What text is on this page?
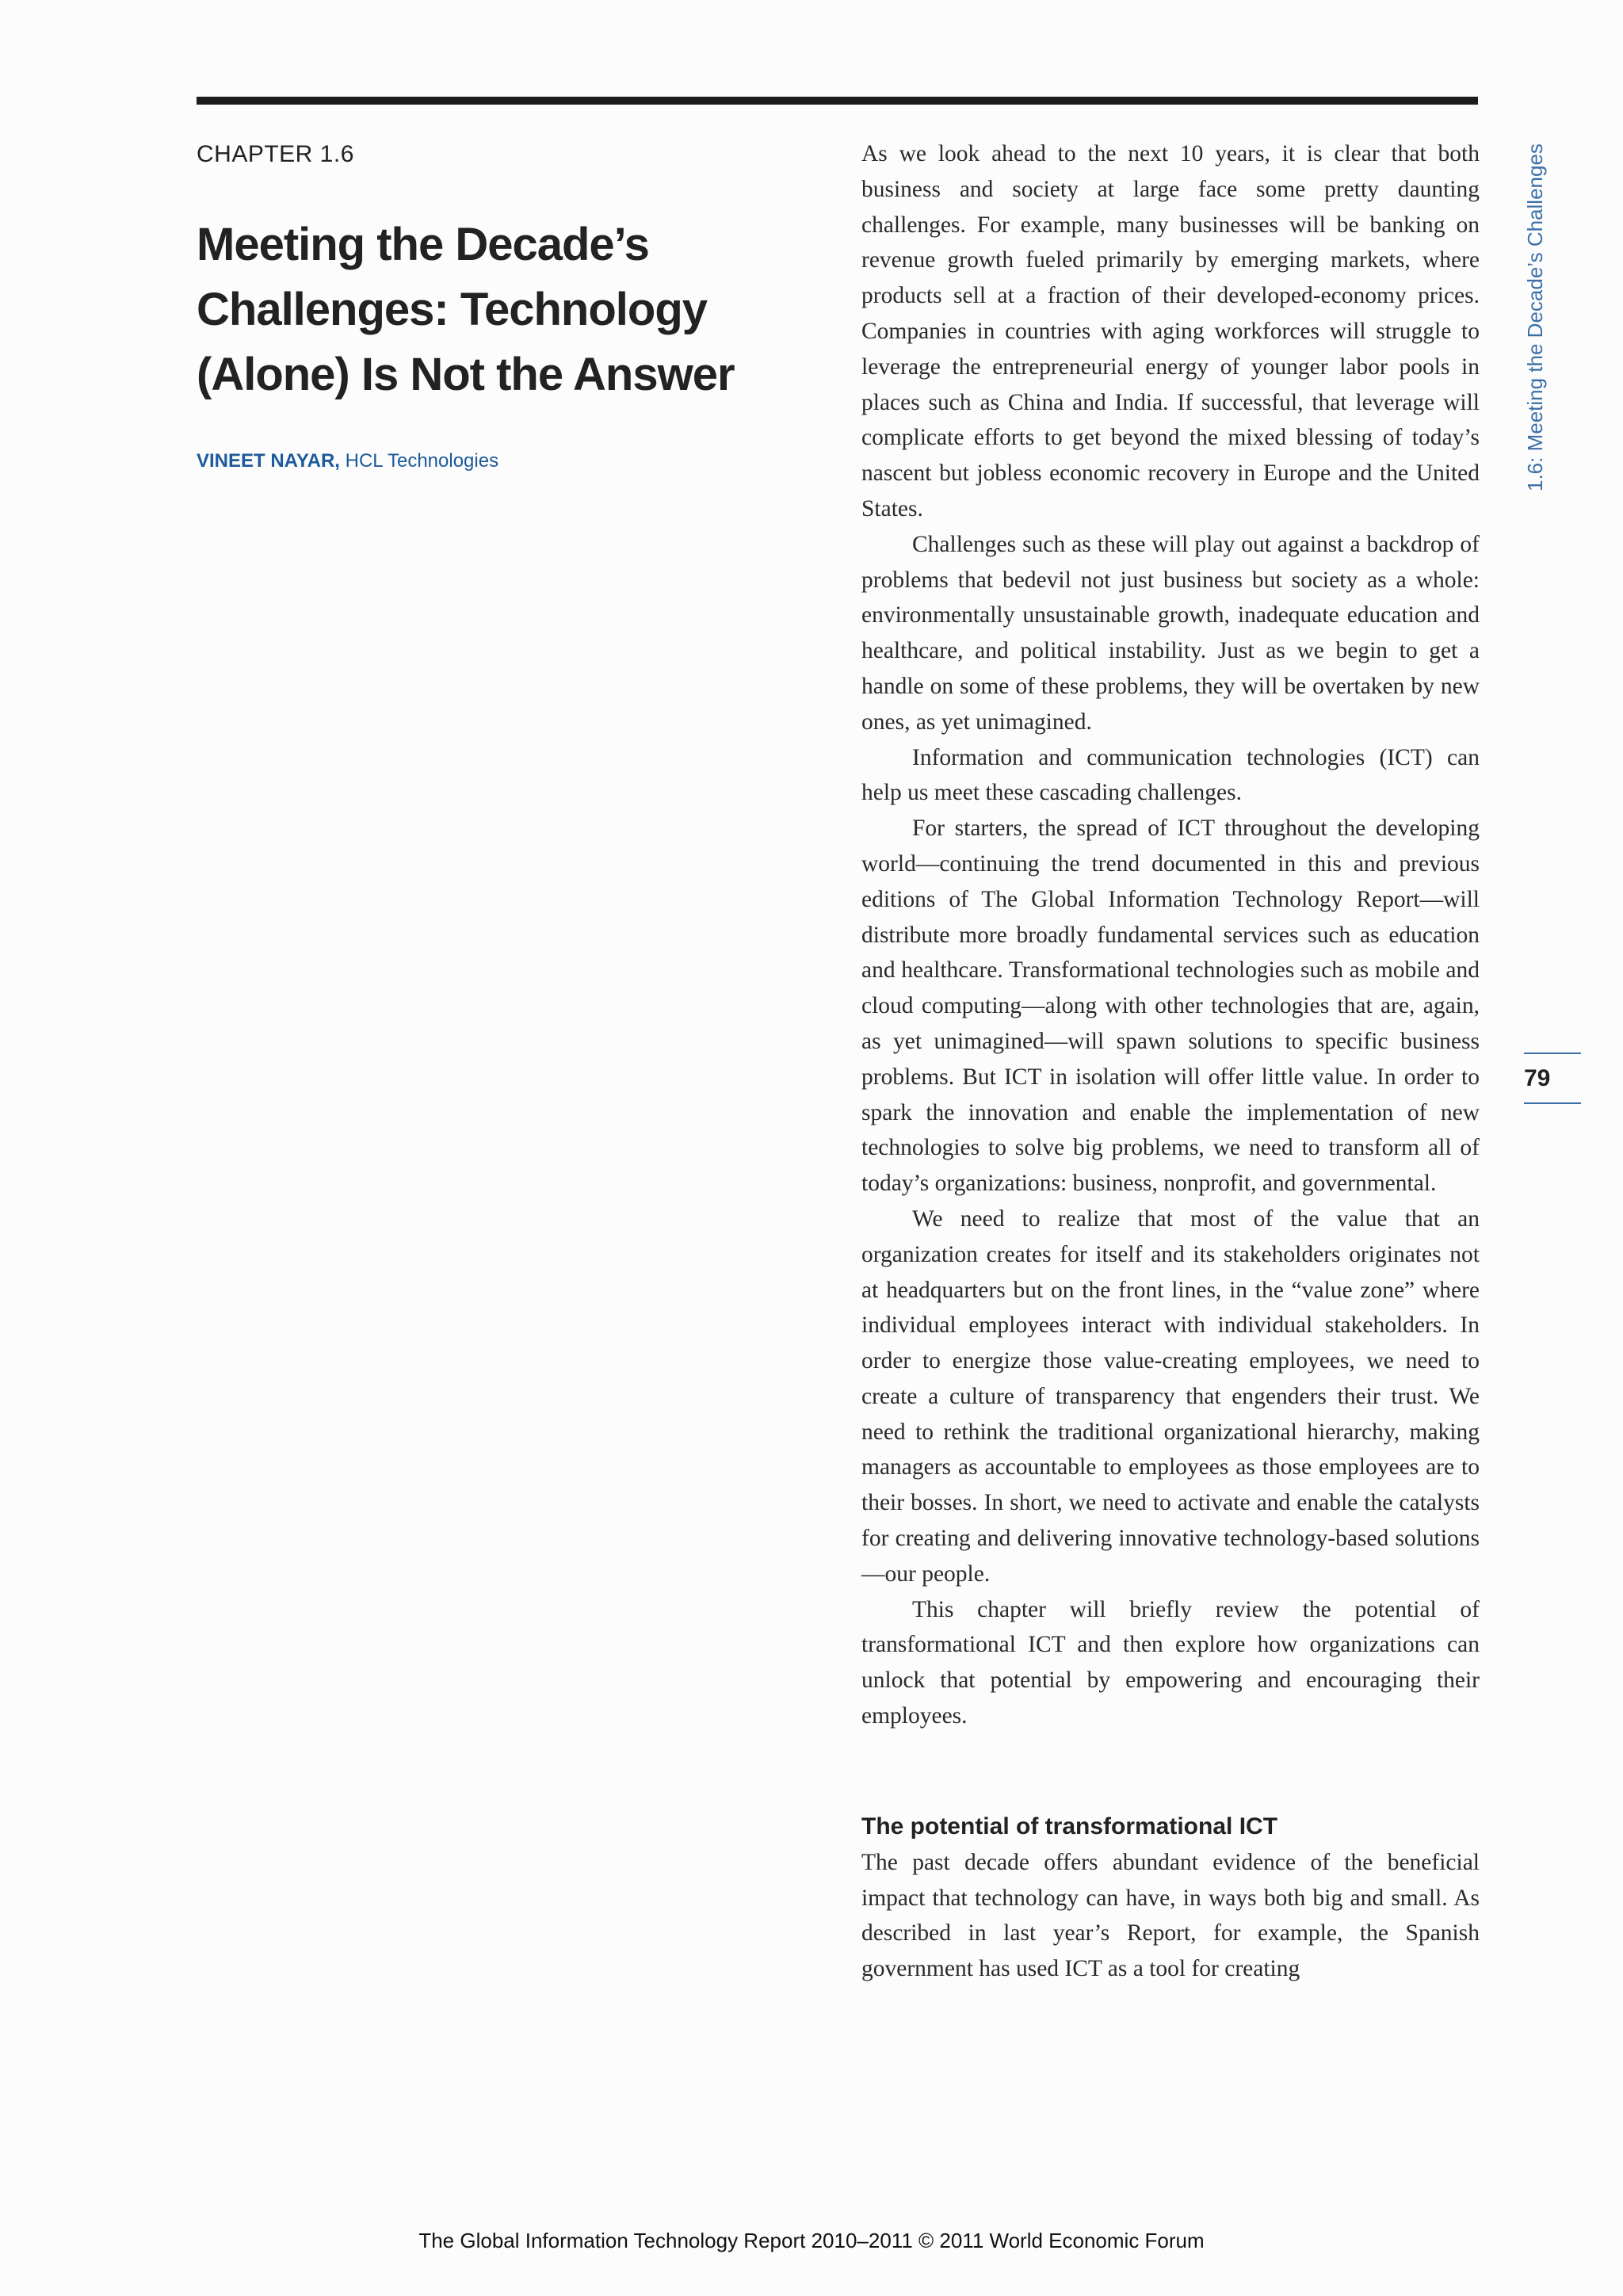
CHAPTER 1.6
Meeting the Decade’s Challenges: Technology (Alone) Is Not the Answer
VINEET NAYAR, HCL Technologies

As we look ahead to the next 10 years, it is clear that both business and society at large face some pretty daunting challenges. For example, many businesses will be banking on revenue growth fueled primarily by emerging markets, where products sell at a fraction of their developed-economy prices. Companies in countries with aging workforces will struggle to leverage the entrepreneurial energy of younger labor pools in places such as China and India. If successful, that leverage will complicate efforts to get beyond the mixed blessing of today’s nascent but jobless economic recovery in Europe and the United States.

Challenges such as these will play out against a backdrop of problems that bedevil not just business but society as a whole: environmentally unsustainable growth, inadequate education and healthcare, and political instability. Just as we begin to get a handle on some of these problems, they will be overtaken by new ones, as yet unimagined.

Information and communication technologies (ICT) can help us meet these cascading challenges.

For starters, the spread of ICT throughout the developing world—continuing the trend documented in this and previous editions of The Global Information Technology Report—will distribute more broadly fundamental services such as education and healthcare. Transformational technologies such as mobile and cloud computing—along with other technologies that are, again, as yet unimagined—will spawn solutions to specific business problems. But ICT in isolation will offer little value. In order to spark the innovation and enable the implementation of new technologies to solve big problems, we need to transform all of today’s organizations: business, nonprofit, and governmental.

We need to realize that most of the value that an organization creates for itself and its stakeholders originates not at headquarters but on the front lines, in the “value zone” where individual employees interact with individual stakeholders. In order to energize those value-creating employees, we need to create a culture of transparency that engenders their trust. We need to rethink the traditional organizational hierarchy, making managers as accountable to employees as those employees are to their bosses. In short, we need to activate and enable the catalysts for creating and delivering innovative technology-based solutions—our people.

This chapter will briefly review the potential of transformational ICT and then explore how organizations can unlock that potential by empowering and encouraging their employees.

The potential of transformational ICT

The past decade offers abundant evidence of the beneficial impact that technology can have, in ways both big and small. As described in last year’s Report, for example, the Spanish government has used ICT as a tool for creating

1.6: Meeting the Decade’s Challenges
79
The Global Information Technology Report 2010–2011 © 2011 World Economic Forum
